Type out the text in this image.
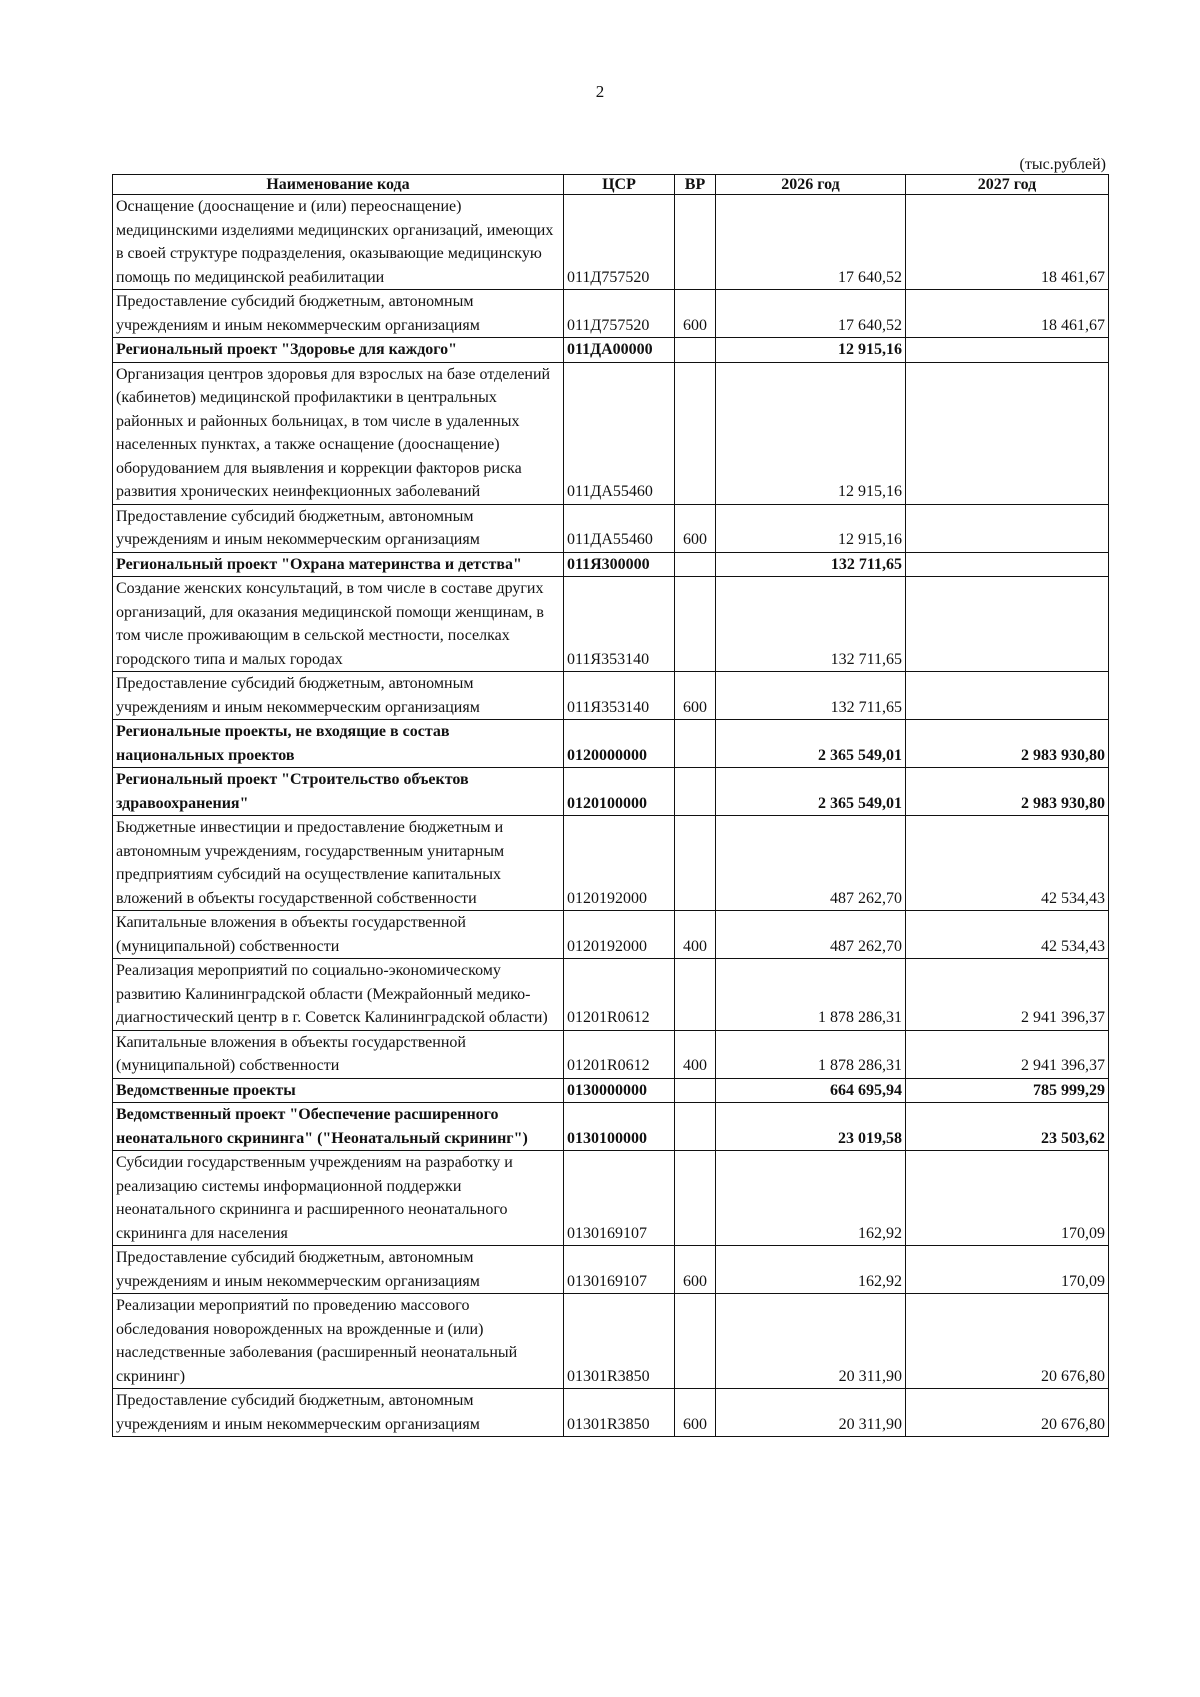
2
(тыс.рублей)
Наименование кода	ЦСР	ВР	2026 год	2027 год
Оснащение (дооснащение и (или) переоснащение) медицинскими изделиями медицинских организаций, имеющих в своей структуре подразделения, оказывающие медицинскую помощь по медицинской реабилитации	011Д757520		17 640,52	18 461,67
Предоставление субсидий бюджетным, автономным учреждениям и иным некоммерческим организациям	011Д757520	600	17 640,52	18 461,67
Региональный проект "Здоровье для каждого"	011ДА00000		12 915,16	
Организация центров здоровья для взрослых на базе отделений (кабинетов) медицинской профилактики в центральных районных и районных больницах, в том числе в удаленных населенных пунктах, а также оснащение (дооснащение) оборудованием для выявления и коррекции факторов риска развития хронических неинфекционных заболеваний	011ДА55460		12 915,16	
Предоставление субсидий бюджетным, автономным учреждениям и иным некоммерческим организациям	011ДА55460	600	12 915,16	
Региональный проект "Охрана материнства и детства"	011Я300000		132 711,65	
Создание женских консультаций, в том числе в составе других организаций, для оказания медицинской помощи женщинам, в том числе проживающим в сельской местности, поселках городского типа и малых городах	011Я353140		132 711,65	
Предоставление субсидий бюджетным, автономным учреждениям и иным некоммерческим организациям	011Я353140	600	132 711,65	
Региональные проекты, не входящие в состав национальных проектов	0120000000		2 365 549,01	2 983 930,80
Региональный проект "Строительство объектов здравоохранения"	0120100000		2 365 549,01	2 983 930,80
Бюджетные инвестиции и предоставление бюджетным и автономным учреждениям, государственным унитарным предприятиям субсидий на осуществление капитальных вложений в объекты государственной собственности	0120192000		487 262,70	42 534,43
Капитальные вложения в объекты государственной (муниципальной) собственности	0120192000	400	487 262,70	42 534,43
Реализация мероприятий по социально-экономическому развитию Калининградской области (Межрайонный медико-диагностический центр в г. Советск Калининградской области)	01201R0612		1 878 286,31	2 941 396,37
Капитальные вложения в объекты государственной (муниципальной) собственности	01201R0612	400	1 878 286,31	2 941 396,37
Ведомственные проекты	0130000000		664 695,94	785 999,29
Ведомственный проект "Обеспечение расширенного неонатального скрининга" ("Неонатальный скрининг")	0130100000		23 019,58	23 503,62
Субсидии государственным учреждениям на разработку и реализацию системы информационной поддержки неонатального скрининга и расширенного неонатального скрининга для населения	0130169107		162,92	170,09
Предоставление субсидий бюджетным, автономным учреждениям и иным некоммерческим организациям	0130169107	600	162,92	170,09
Реализации мероприятий по проведению массового обследования новорожденных на врожденные и (или) наследственные заболевания (расширенный неонатальный скрининг)	01301R3850		20 311,90	20 676,80
Предоставление субсидий бюджетным, автономным учреждениям и иным некоммерческим организациям	01301R3850	600	20 311,90	20 676,80
